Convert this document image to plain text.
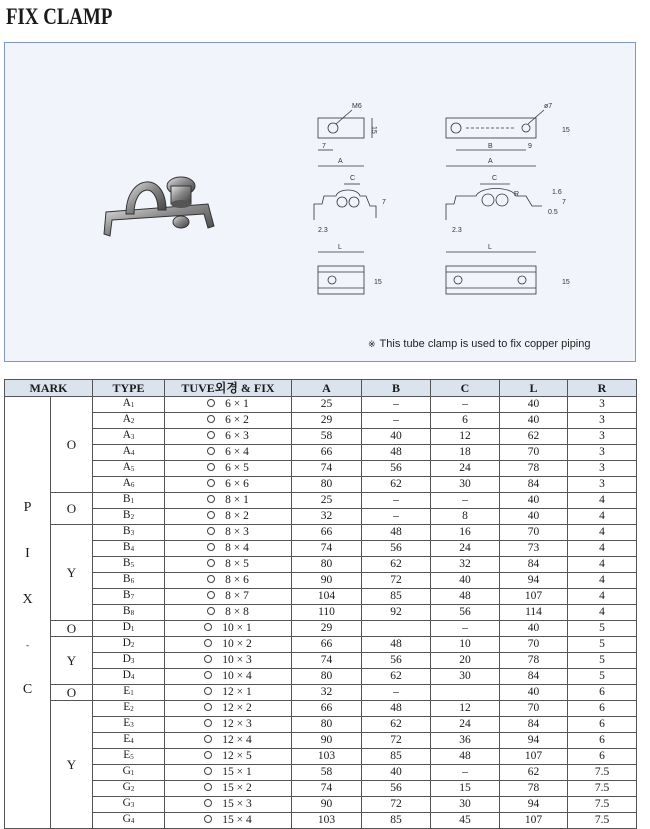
FIX CLAMP
M6
15
7
A
ø7
15
B	9
A
C
7
2.3
C
R	1.6
7
0.5
2.3
L
15
L
15
※ This tube clamp is used to fix copper piping
MARK		TYPE	TUVE외경 & FIX	A	B	C	L	R

P
I
X
-
C	O	A1	6 × 1	25	–	–	40	3
		A2	6 × 2	29	–	6	40	3
		A3	6 × 3	58	40	12	62	3
		A4	6 × 4	66	48	18	70	3
		A5	6 × 5	74	56	24	78	3
		A6	6 × 6	80	62	30	84	3
	O	B1	8 × 1	25	–	–	40	4
		B2	8 × 2	32	–	8	40	4
	Y	B3	8 × 3	66	48	16	70	4
		B4	8 × 4	74	56	24	73	4
		B5	8 × 5	80	62	32	84	4
		B6	8 × 6	90	72	40	94	4
		B7	8 × 7	104	85	48	107	4
		B8	8 × 8	110	92	56	114	4
	O	D1	10 × 1	29		–	40	5
	Y	D2	10 × 2	66	48	10	70	5
		D3	10 × 3	74	56	20	78	5
		D4	10 × 4	80	62	30	84	5
	O	E1	12 × 1	32	–		40	6
	Y	E2	12 × 2	66	48	12	70	6
		E3	12 × 3	80	62	24	84	6
		E4	12 × 4	90	72	36	94	6
		E5	12 × 5	103	85	48	107	6
		G1	15 × 1	58	40	–	62	7.5
		G2	15 × 2	74	56	15	78	7.5
		G3	15 × 3	90	72	30	94	7.5
		G4	15 × 4	103	85	45	107	7.5
